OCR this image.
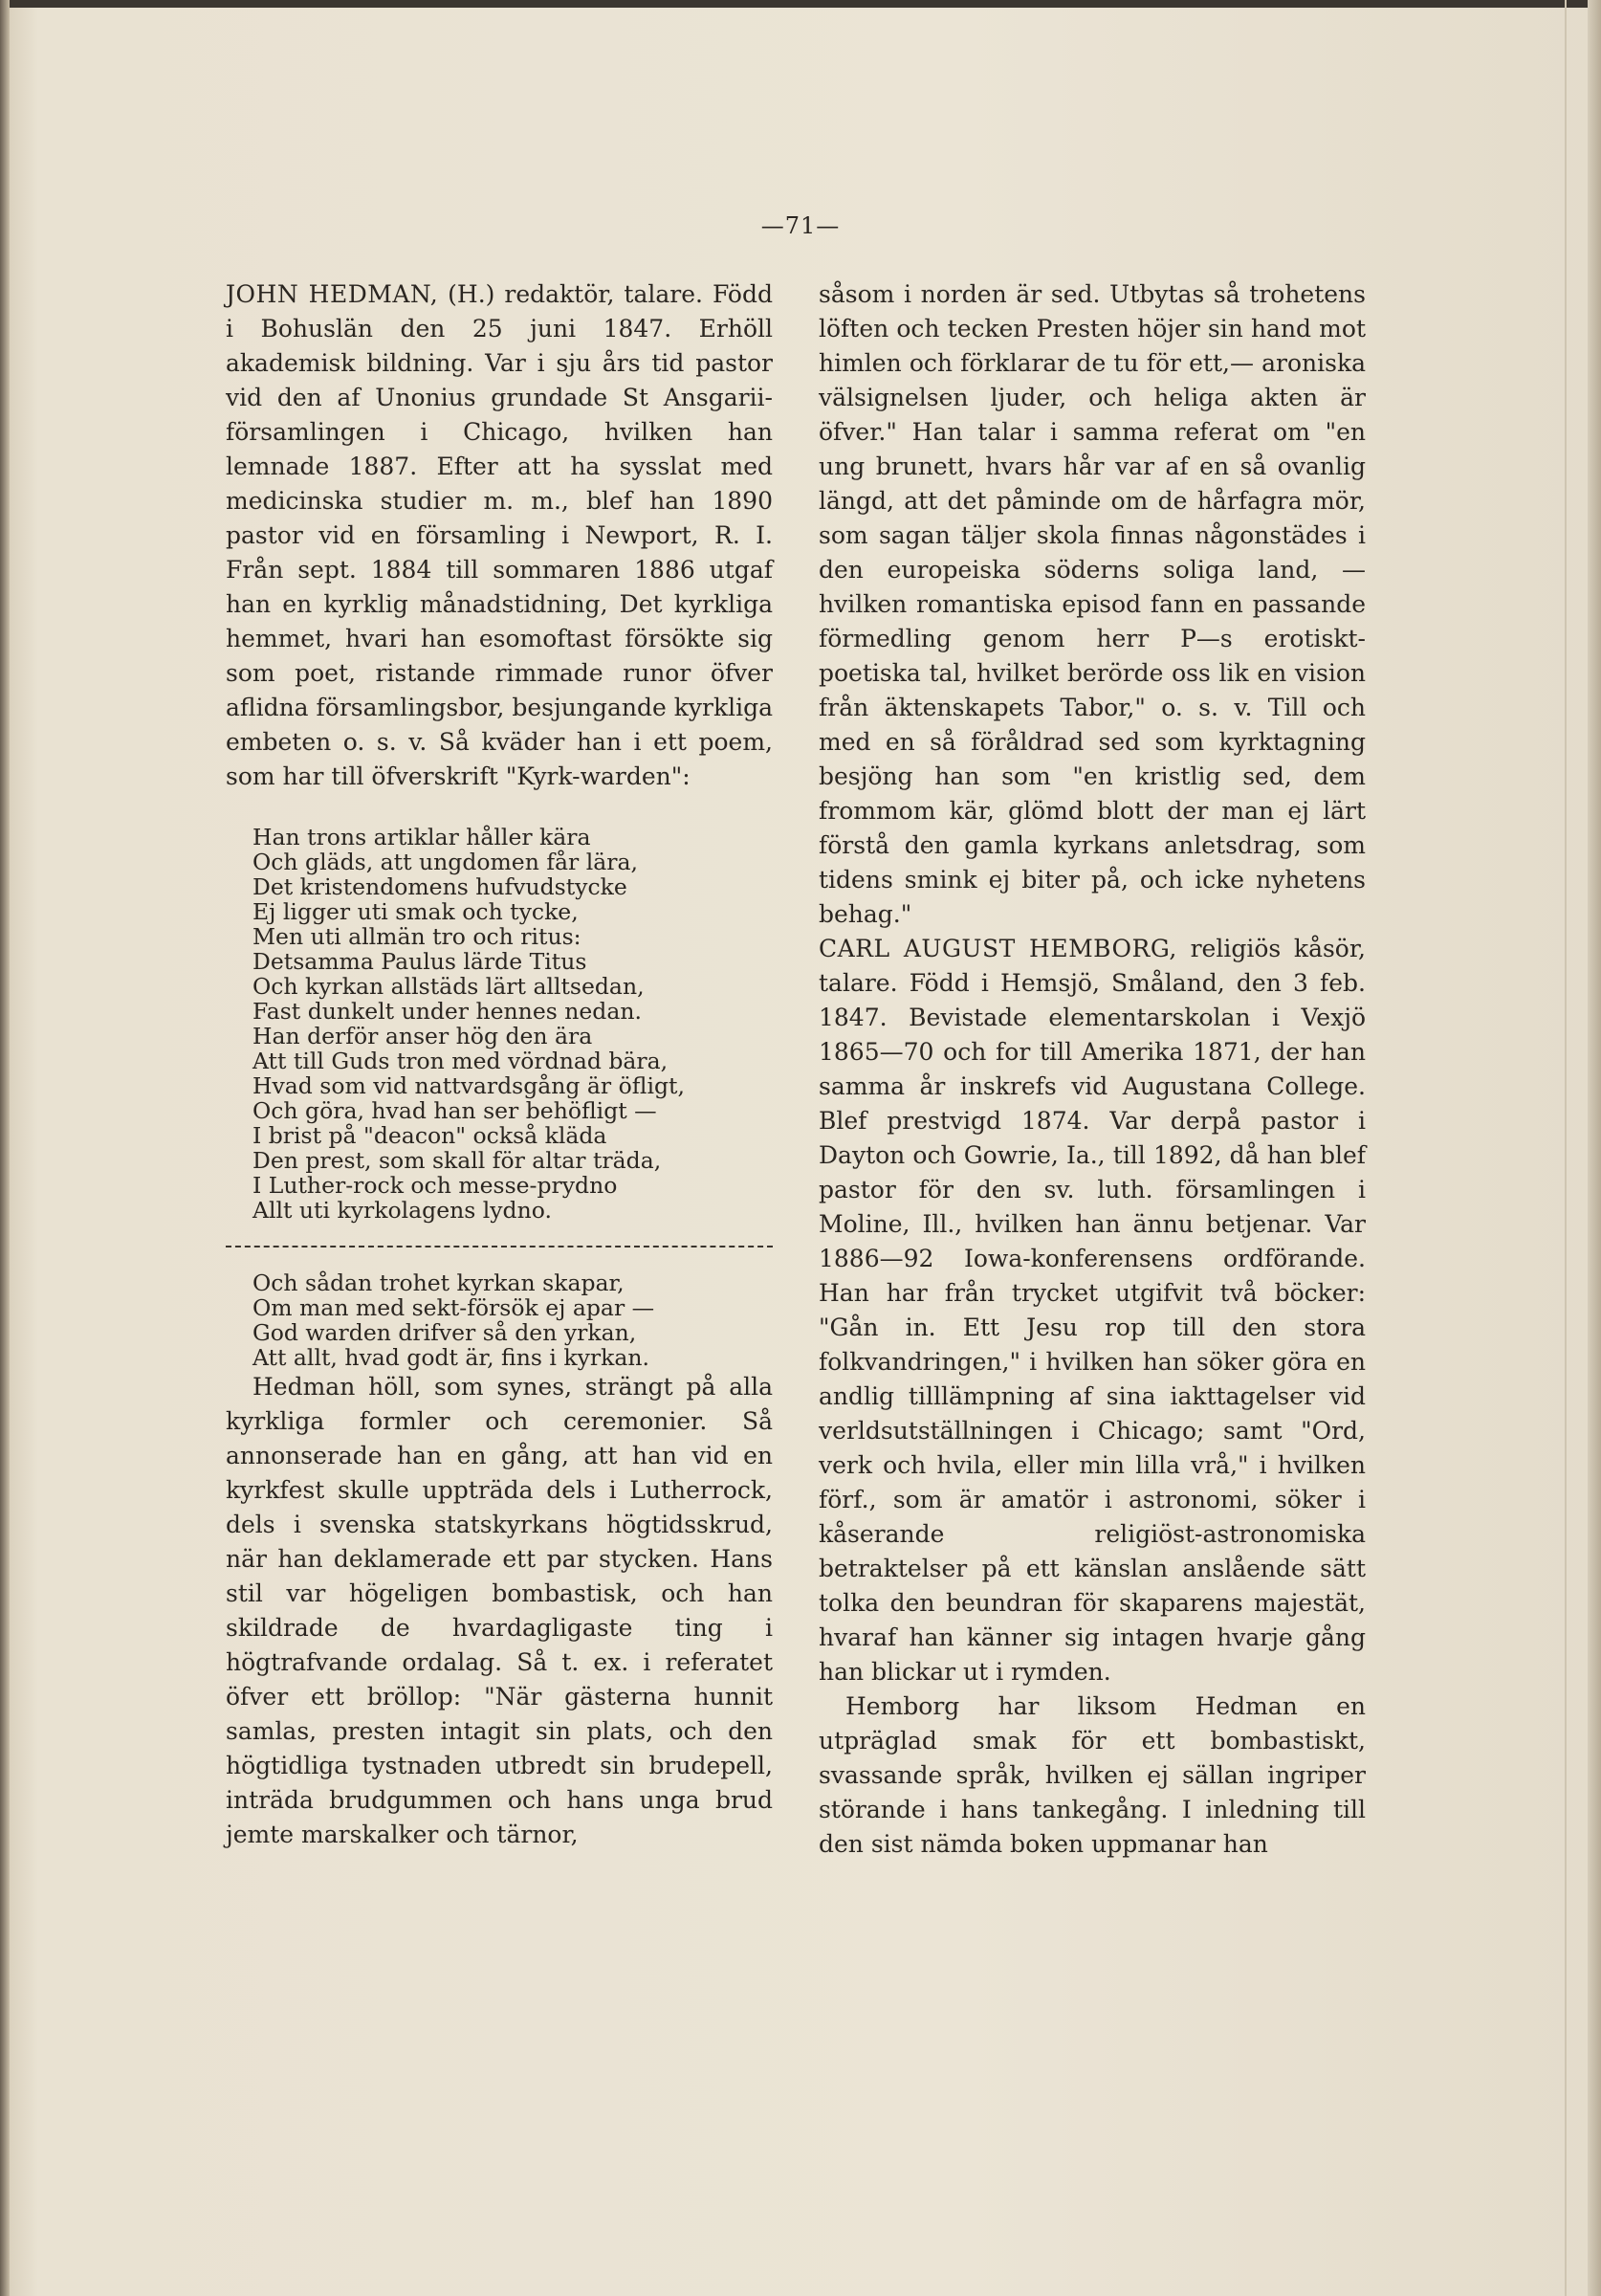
—71—

JOHN HEDMAN, (H.) redaktör, talare. Född i Bohuslän den 25 juni 1847. Erhöll akademisk bildning. Var i sju års tid pastor vid den af Unonius grundade St Ansgarii-församlingen i Chicago, hvilken han lemnade 1887. Efter att ha sysslat med medicinska studier m. m., blef han 1890 pastor vid en församling i Newport, R. I. Från sept. 1884 till sommaren 1886 utgaf han en kyrklig månadstidning, Det kyrkliga hemmet, hvari han esomoftast försökte sig som poet, ristande rimmade runor öfver aflidna församlingsbor, besjungande kyrkliga embeten o. s. v. Så kväder han i ett poem, som har till öfverskrift "Kyrk-warden":

Han trons artiklar håller kära
Och gläds, att ungdomen får lära,
Det kristendomens hufvudstycke
Ej ligger uti smak och tycke,
Men uti allmän tro och ritus:
Detsamma Paulus lärde Titus
Och kyrkan allstäds lärt alltsedan,
Fast dunkelt under hennes nedan.
Han derför anser hög den ära
Att till Guds tron med vördnad bära,
Hvad som vid nattvardsgång är öfligt,
Och göra, hvad han ser behöfligt —
I brist på "deacon" också kläda
Den prest, som skall för altar träda,
I Luther-rock och messe-prydno
Allt uti kyrkolagens lydno.
Och sådan trohet kyrkan skapar,
Om man med sekt-försök ej apar —
God warden drifver så den yrkan,
Att allt, hvad godt är, fins i kyrkan.

Hedman höll, som synes, strängt på alla kyrkliga formler och ceremonier. Så annonserade han en gång, att han vid en kyrkfest skulle uppträda dels i Lutherrock, dels i svenska statskyrkans högtidsskrud, när han deklamerade ett par stycken. Hans stil var högeligen bombastisk, och han skildrade de hvardagligaste ting i högtrafvande ordalag. Så t. ex. i referatet öfver ett bröllop: "När gästerna hunnit samlas, presten intagit sin plats, och den högtidliga tystnaden utbredt sin brudepell, inträda brudgummen och hans unga brud jemte marskalker och tärnor,

såsom i norden är sed. Utbytas så trohetens löften och tecken Presten höjer sin hand mot himlen och förklarar de tu för ett,— aroniska välsignelsen ljuder, och heliga akten är öfver." Han talar i samma referat om "en ung brunett, hvars hår var af en så ovanlig längd, att det påminde om de hårfagra mör, som sagan täljer skola finnas någonstädes i den europeiska söderns soliga land, — hvilken romantiska episod fann en passande förmedling genom herr P—s erotiskt-poetiska tal, hvilket berörde oss lik en vision från äktenskapets Tabor," o. s. v. Till och med en så föråldrad sed som kyrktagning besjöng han som "en kristlig sed, dem frommom kär, glömd blott der man ej lärt förstå den gamla kyrkans anletsdrag, som tidens smink ej biter på, och icke nyhetens behag."

CARL AUGUST HEMBORG, religiös kåsör, talare. Född i Hemsjö, Småland, den 3 feb. 1847. Bevistade elementarskolan i Vexjö 1865—70 och for till Amerika 1871, der han samma år inskrefs vid Augustana College. Blef prestvigd 1874. Var derpå pastor i Dayton och Gowrie, Ia., till 1892, då han blef pastor för den sv. luth. församlingen i Moline, Ill., hvilken han ännu betjenar. Var 1886—92 Iowa-konferensens ordförande. Han har från trycket utgifvit två böcker: "Gån in. Ett Jesu rop till den stora folkvandringen," i hvilken han söker göra en andlig tilllämpning af sina iakttagelser vid verldsutställningen i Chicago; samt "Ord, verk och hvila, eller min lilla vrå," i hvilken förf., som är amatör i astronomi, söker i kåserande religiöst-astronomiska betraktelser på ett känslan anslående sätt tolka den beundran för skaparens majestät, hvaraf han känner sig intagen hvarje gång han blickar ut i rymden.

Hemborg har liksom Hedman en utpräglad smak för ett bombastiskt, svassande språk, hvilken ej sällan ingriper störande i hans tankegång. I inledning till den sist nämda boken uppmanar han
